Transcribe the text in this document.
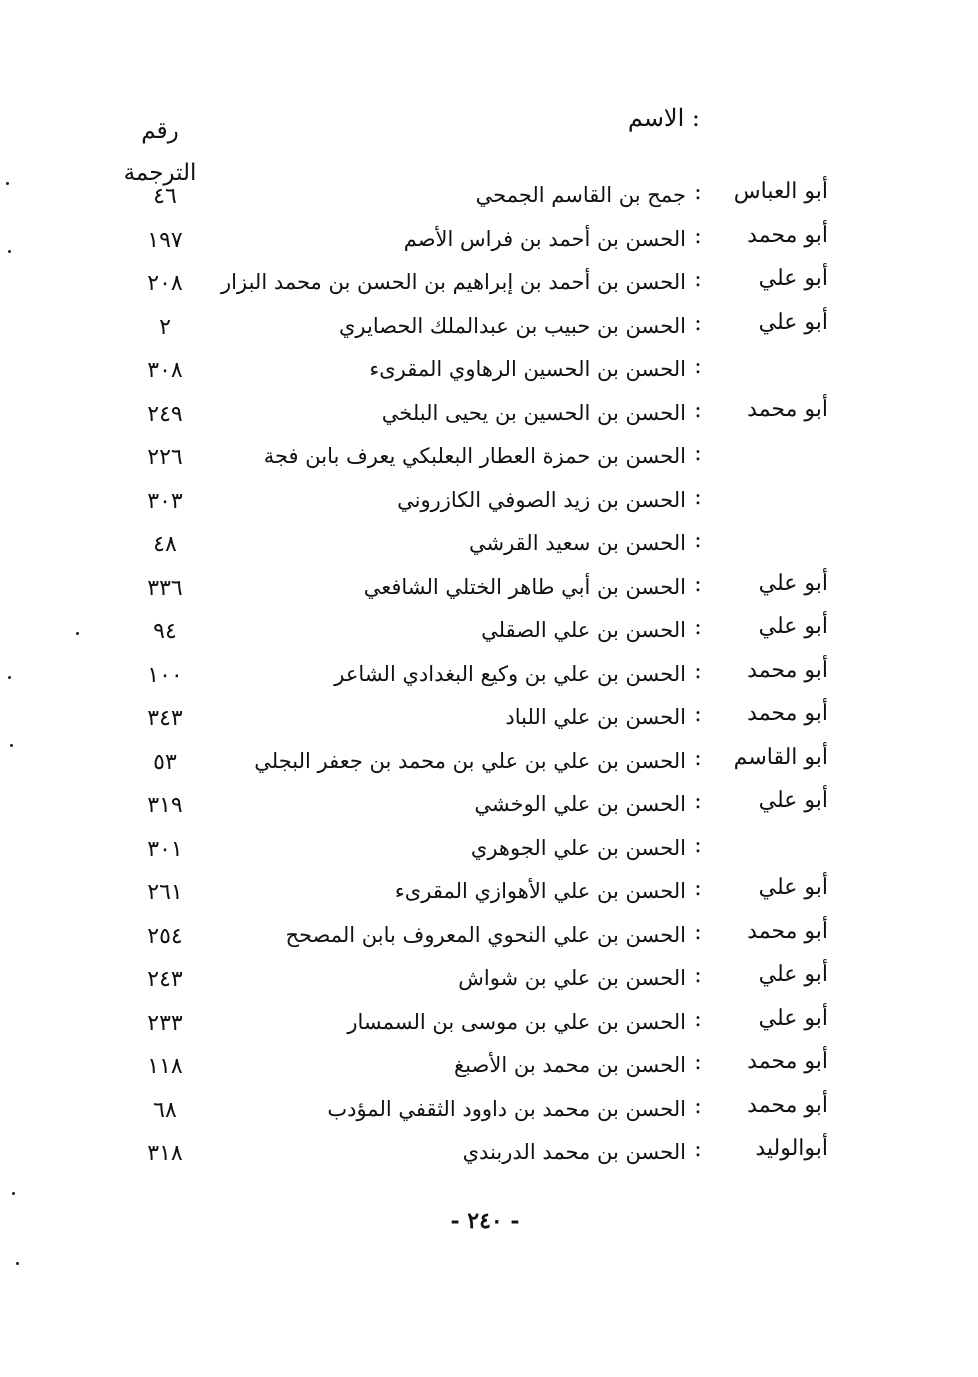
: الاسم
رقم
الترجمة
أبو العباس
:
جمح بن القاسم الجمحي
٤٦
أبو محمد
:
الحسن بن أحمد بن فراس الأصم
١٩٧
أبو علي
:
الحسن بن أحمد بن إبراهيم بن الحسن بن محمد البزار
٢٠٨
أبو علي
:
الحسن بن حبيب بن عبدالملك الحصايري
٢
:
الحسن بن الحسين الرهاوي المقرىء
٣٠٨
أبو محمد
:
الحسن بن الحسين بن يحيى البلخي
٢٤٩
:
الحسن بن حمزة العطار البعلبكي يعرف بابن فجة
٢٢٦
:
الحسن بن زيد الصوفي الكازروني
٣٠٣
:
الحسن بن سعيد القرشي
٤٨
أبو علي
:
الحسن بن أبي طاهر الختلي الشافعي
٣٣٦
أبو علي
:
الحسن بن علي الصقلي
٩٤
أبو محمد
:
الحسن بن علي بن وكيع البغدادي الشاعر
١٠٠
أبو محمد
:
الحسن بن علي اللباد
٣٤٣
أبو القاسم
:
الحسن بن علي بن علي بن محمد بن جعفر البجلي
٥٣
أبو علي
:
الحسن بن علي الوخشي
٣١٩
:
الحسن بن علي الجوهري
٣٠١
أبو علي
:
الحسن بن علي الأهوازي المقرىء
٢٦١
أبو محمد
:
الحسن بن علي النحوي المعروف بابن المصحح
٢٥٤
أبو علي
:
الحسن بن علي بن شواش
٢٤٣
أبو علي
:
الحسن بن علي بن موسى بن السمسار
٢٣٣
أبو محمد
:
الحسن بن محمد بن الأصبغ
١١٨
أبو محمد
:
الحسن بن محمد بن داوود الثقفي المؤدب
٦٨
أبوالوليد
:
الحسن بن محمد الدربندي
٣١٨
- ٢٤٠ -
